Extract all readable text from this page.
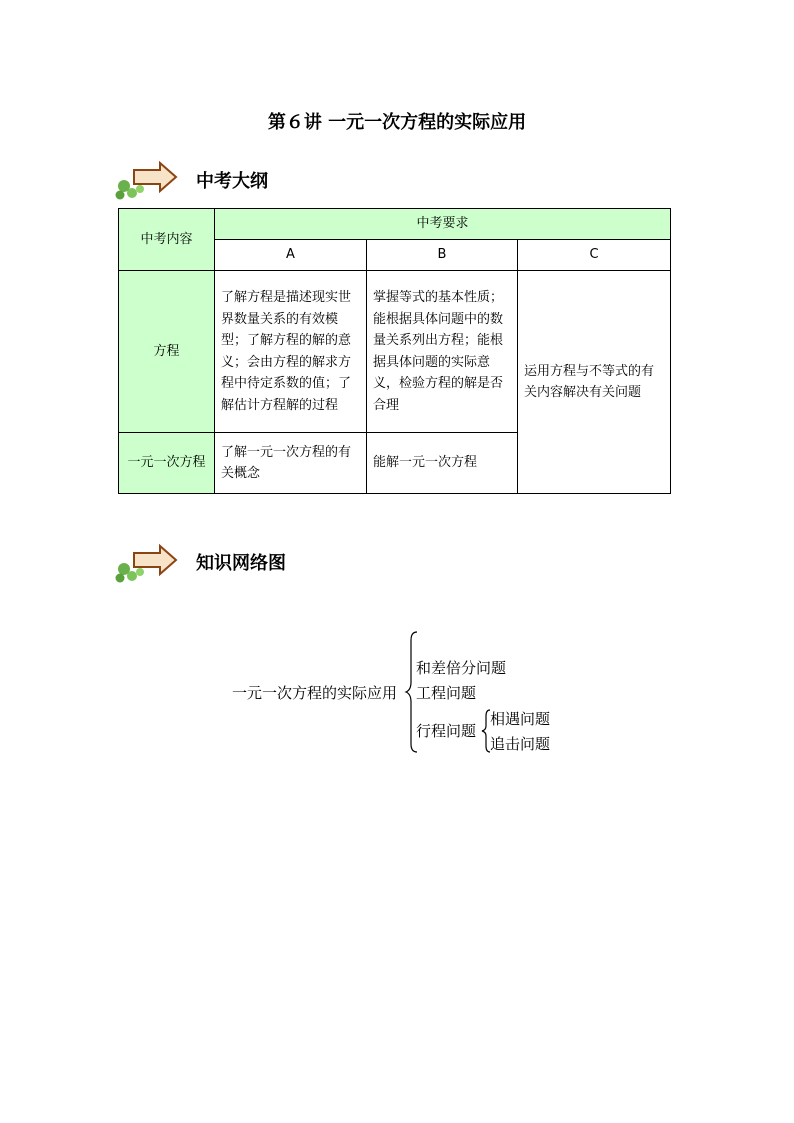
第６讲 一元一次方程的实际应用
中考大纲
中考内容	中考要求		
	A	B	C
方程	了解方程是描述现实世界数量关系的有效模型；了解方程的解的意义；会由方程的解求方程中待定系数的值；了解估计方程解的过程	掌握等式的基本性质；能根据具体问题中的数量关系列出方程；能根据具体问题的实际意义，检验方程的解是否合理	运用方程与不等式的有关内容解决有关问题
一元一次方程	了解一元一次方程的有关概念	能解一元一次方程	
知识网络图
一元一次方程的实际应用
和差倍分问题
工程问题
行程问题
相遇问题
追击问题
